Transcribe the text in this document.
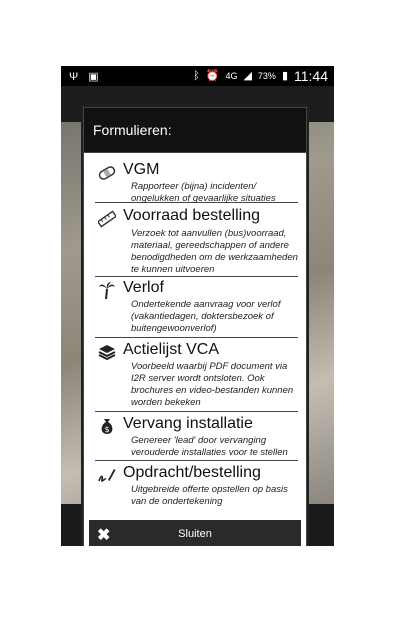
Ψ ▣	ᛒ ⏰ 4G ◢ 73% ▮ 11:44
Formulieren:
VGM
Rapporteer (bijna) incidenten/ ongelukken of gevaarlijke situaties
Voorraad bestelling
Verzoek tot aanvullen (bus)voorraad, materiaal, gereedschappen of andere benodigdheden om de werkzaamheden te kunnen uitvoeren
Verlof
Ondertekende aanvraag voor verlof (vakantiedagen, doktersbezoek of buitengewoonverlof)
Actielijst VCA
Voorbeeld waarbij PDF document via I2R server wordt ontsloten. Ook brochures en video-bestanden kunnen worden bekeken
$ Vervang installatie
Genereer 'lead' door vervanging verouderde installaties voor te stellen
Opdracht/bestelling
Uitgebreide offerte opstellen op basis van de ondertekening
✖	Sluiten
